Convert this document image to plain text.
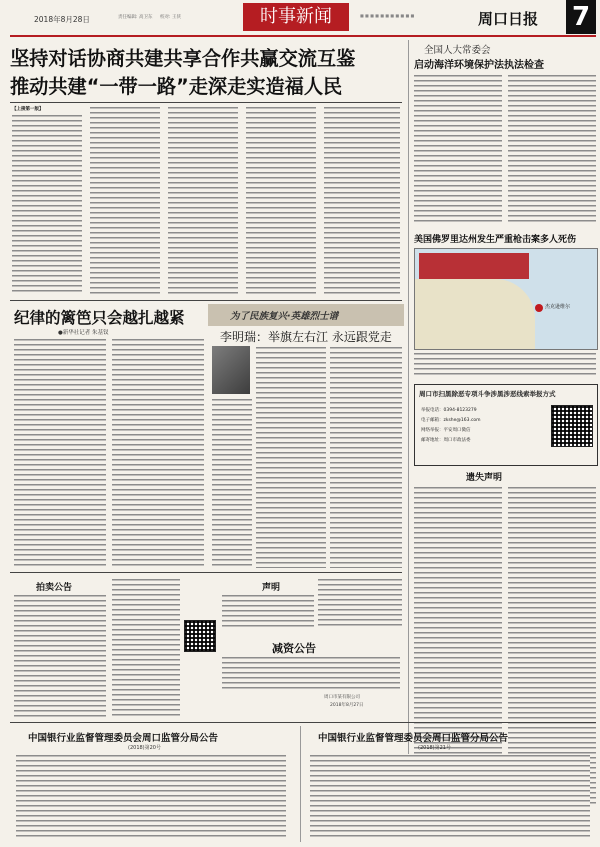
2018年8月28日	责任编辑: 高卫东 校对: 王侠	时事新闻	■ ■ ■ ■ ■ ■ ■ ■ ■ ■ ■	周口日报 7
坚持对话协商共建共享合作共赢交流互鉴
推动共建“一带一路”走深走实造福人民
【上接第一版】
全国人大常委会
启动海洋环境保护法执法检查
美国佛罗里达州发生严重枪击案多人死伤
杰克逊维尔
周口市扫黑除恶专项斗争涉黑涉恶线索举报方式
举报电话：0394-8123279
电子邮箱：zkshe@163.com
网络举报：平安周口微信
邮寄地址：周口市政法委
遗失声明
纪律的篱笆只会越扎越紧
●新华社记者 朱基钗
为了民族复兴·英雄烈士谱
李明瑞：举旗左右江 永远跟党走
拍卖公告	声明
减资公告
周口市某有限公司
2018年8月27日
中国银行业监督管理委员会周口监管分局公告
(2018)第20号
中国银行业监督管理委员会周口监管分局公告
(2018)第21号
